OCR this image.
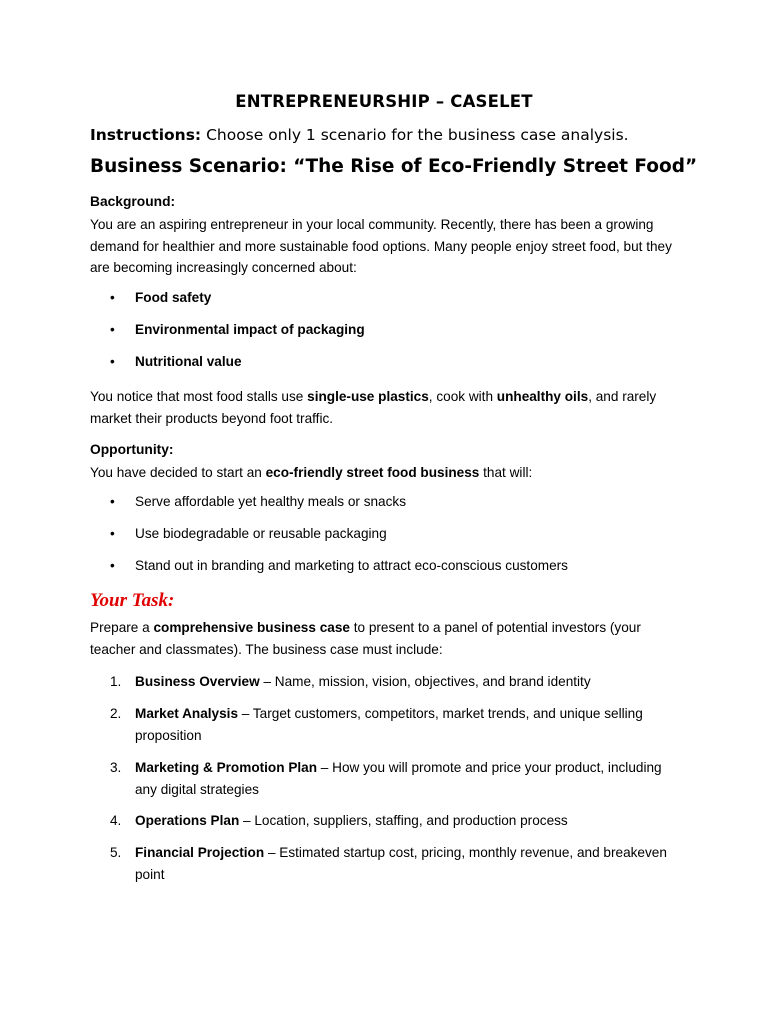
ENTREPRENEURSHIP – CASELET
Instructions: Choose only 1 scenario for the business case analysis.
Business Scenario: “The Rise of Eco-Friendly Street Food”
Background:
You are an aspiring entrepreneur in your local community. Recently, there has been a growing demand for healthier and more sustainable food options. Many people enjoy street food, but they are becoming increasingly concerned about:
•	Food safety
•	Environmental impact of packaging
•	Nutritional value
You notice that most food stalls use single-use plastics, cook with unhealthy oils, and rarely market their products beyond foot traffic.
Opportunity:
You have decided to start an eco-friendly street food business that will:
•	Serve affordable yet healthy meals or snacks
•	Use biodegradable or reusable packaging
•	Stand out in branding and marketing to attract eco-conscious customers
Your Task:
Prepare a comprehensive business case to present to a panel of potential investors (your teacher and classmates). The business case must include:
1.	Business Overview – Name, mission, vision, objectives, and brand identity
2.	Market Analysis – Target customers, competitors, market trends, and unique selling proposition
3.	Marketing & Promotion Plan – How you will promote and price your product, including any digital strategies
4.	Operations Plan – Location, suppliers, staffing, and production process
5.	Financial Projection – Estimated startup cost, pricing, monthly revenue, and breakeven point
